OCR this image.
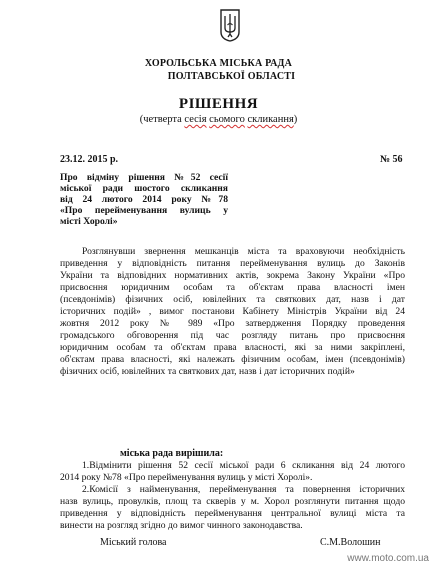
ХОРОЛЬСЬКА МІСЬКА РАДА
ПОЛТАВСЬКОЇ ОБЛАСТІ
РІШЕННЯ
(четверта сесія сьомого скликання)
23.12. 2015 р.	№ 56
Про відміну рішення №52 сесії
міської ради шостого скликання
від 24 лютого 2014 року №78
«Про перейменування вулиць у
місті Хоролі»
Розглянувши звернення мешканців міста та враховуючи необхідність
приведення у відповідність питання перейменування вулиць до Законів
України та відповідних нормативних актів, зокрема Закону України «Про
присвоєння юридичним особам та об'єктам права власності імен
(псевдонімів) фізичних осіб, ювілейних та святкових дат, назв і дат
історичних подій» , вимог постанови Кабінету Міністрів України від 24
жовтня 2012 року № 989 «Про затвердження Порядку проведення
громадського обговорення під час розгляду питань про присвоєння
юридичним особам та об'єктам права власності, які за ними закріплені,
об'єктам права власності, які належать фізичним особам, імен (псевдонімів)
фізичних осіб, ювілейних та святкових дат, назв і дат історичних подій»
міська рада вирішила:
1.Відмінити рішення 52 сесії міської ради 6 скликання від 24 лютого
2014 року №78 «Про перейменування вулиць у місті Хоролі».
2.Комісії з найменування, перейменування та повернення історичних
назв вулиць, провулків, площ та скверів у м. Хорол розглянути питання щодо
приведення у відповідність перейменування центральної вулиці міста та
винести на розгляд згідно до вимог чинного законодавства.
Міський голова	С.М.Волошин
www.moto.com.ua
